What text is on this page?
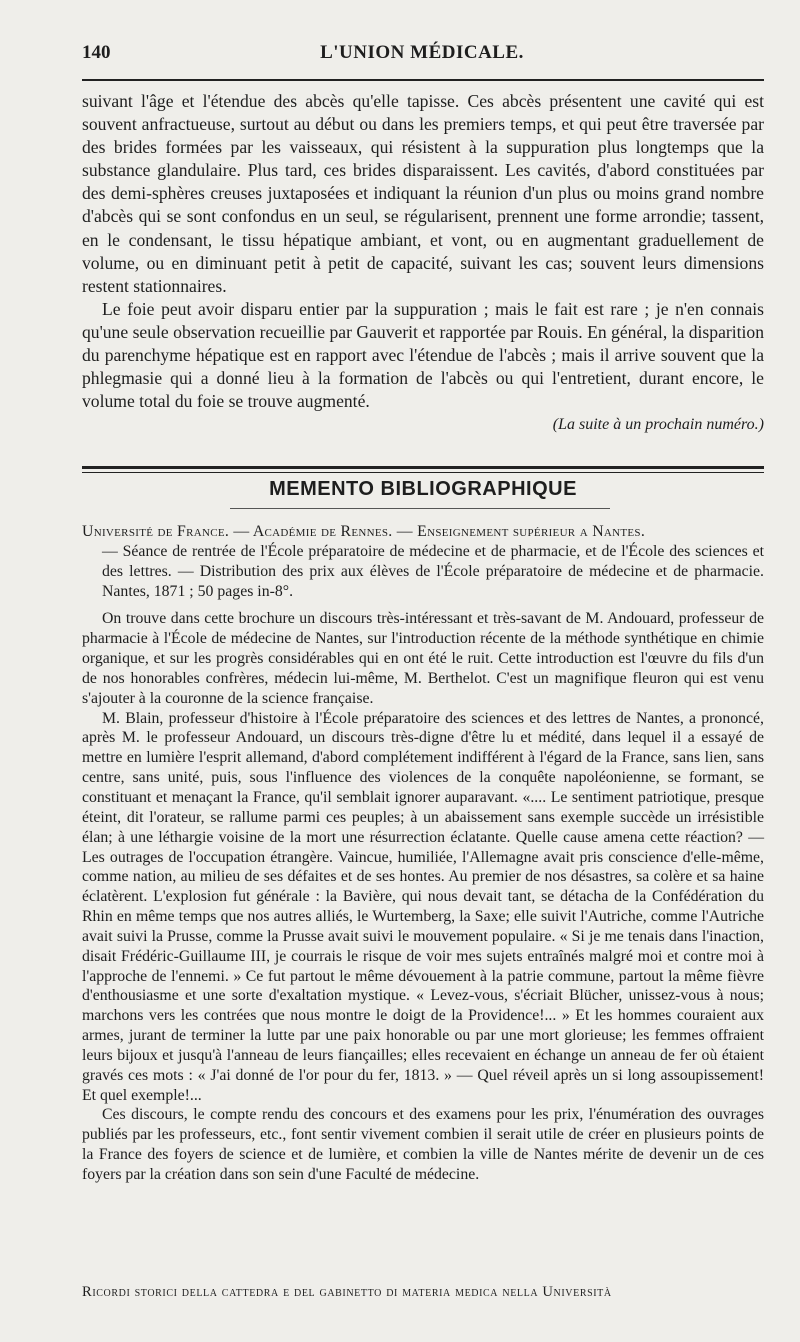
140	L'UNION MÉDICALE.

suivant l'âge et l'étendue des abcès qu'elle tapisse. Ces abcès présentent une cavité qui est souvent anfractueuse, surtout au début ou dans les premiers temps, et qui peut être traversée par des brides formées par les vaisseaux, qui résistent à la suppuration plus longtemps que la substance glandulaire. Plus tard, ces brides disparaissent. Les cavités, d'abord constituées par des demi-sphères creuses juxtaposées et indiquant la réunion d'un plus ou moins grand nombre d'abcès qui se sont confondus en un seul, se régularisent, prennent une forme arrondie; tassent, en le condensant, le tissu hépatique ambiant, et vont, ou en augmentant graduellement de volume, ou en diminuant petit à petit de capacité, suivant les cas; souvent leurs dimensions restent stationnaires.

Le foie peut avoir disparu entier par la suppuration ; mais le fait est rare ; je n'en connais qu'une seule observation recueillie par Gauverit et rapportée par Rouis. En général, la disparition du parenchyme hépatique est en rapport avec l'étendue de l'abcès ; mais il arrive souvent que la phlegmasie qui a donné lieu à la formation de l'abcès ou qui l'entretient, durant encore, le volume total du foie se trouve augmenté.

(La suite à un prochain numéro.)

MEMENTO BIBLIOGRAPHIQUE

Université de France. — Académie de Rennes. — Enseignement supérieur a Nantes.

— Séance de rentrée de l'École préparatoire de médecine et de pharmacie, et de l'École des sciences et des lettres. — Distribution des prix aux élèves de l'École préparatoire de médecine et de pharmacie. Nantes, 1871 ; 50 pages in-8°.

On trouve dans cette brochure un discours très-intéressant et très-savant de M. Andouard, professeur de pharmacie à l'École de médecine de Nantes, sur l'introduction récente de la méthode synthétique en chimie organique, et sur les progrès considérables qui en ont été le ruit. Cette introduction est l'œuvre du fils d'un de nos honorables confrères, médecin lui-même, M. Berthelot. C'est un magnifique fleuron qui est venu s'ajouter à la couronne de la science française.

M. Blain, professeur d'histoire à l'École préparatoire des sciences et des lettres de Nantes, a prononcé, après M. le professeur Andouard, un discours très-digne d'être lu et médité, dans lequel il a essayé de mettre en lumière l'esprit allemand, d'abord complétement indifférent à l'égard de la France, sans lien, sans centre, sans unité, puis, sous l'influence des violences de la conquête napoléonienne, se formant, se constituant et menaçant la France, qu'il semblait ignorer auparavant. «.... Le sentiment patriotique, presque éteint, dit l'orateur, se rallume parmi ces peuples; à un abaissement sans exemple succède un irrésistible élan; à une léthargie voisine de la mort une résurrection éclatante. Quelle cause amena cette réaction? — Les outrages de l'occupation étrangère. Vaincue, humiliée, l'Allemagne avait pris conscience d'elle-même, comme nation, au milieu de ses défaites et de ses hontes. Au premier de nos désastres, sa colère et sa haine éclatèrent. L'explosion fut générale : la Bavière, qui nous devait tant, se détacha de la Confédération du Rhin en même temps que nos autres alliés, le Wurtemberg, la Saxe; elle suivit l'Autriche, comme l'Autriche avait suivi la Prusse, comme la Prusse avait suivi le mouvement populaire. « Si je me tenais dans l'inaction, disait Frédéric-Guillaume III, je courrais le risque de voir mes sujets entraînés malgré moi et contre moi à l'approche de l'ennemi. » Ce fut partout le même dévouement à la patrie commune, partout la même fièvre d'enthousiasme et une sorte d'exaltation mystique. « Levez-vous, s'écriait Blücher, unissez-vous à nous; marchons vers les contrées que nous montre le doigt de la Providence!... » Et les hommes couraient aux armes, jurant de terminer la lutte par une paix honorable ou par une mort glorieuse; les femmes offraient leurs bijoux et jusqu'à l'anneau de leurs fiançailles; elles recevaient en échange un anneau de fer où étaient gravés ces mots : « J'ai donné de l'or pour du fer, 1813. » — Quel réveil après un si long assoupissement! Et quel exemple!...

Ces discours, le compte rendu des concours et des examens pour les prix, l'énumération des ouvrages publiés par les professeurs, etc., font sentir vivement combien il serait utile de créer en plusieurs points de la France des foyers de science et de lumière, et combien la ville de Nantes mérite de devenir un de ces foyers par la création dans son sein d'une Faculté de médecine.

Ricordi storici della cattedra e del gabinetto di materia medica nella Università
